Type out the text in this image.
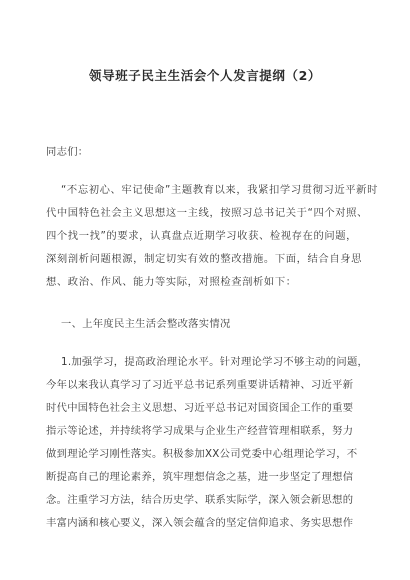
领导班子民主生活会个人发言提纲（2）
同志们：
“不忘初心、牢记使命”主题教育以来，我紧扣学习贯彻习近平新时
代中国特色社会主义思想这一主线，按照习总书记关于“四个对照、
四个找一找”的要求，认真盘点近期学习收获、检视存在的问题，
深刻剖析问题根源，制定切实有效的整改措施。下面，结合自身思
想、政治、作风、能力等实际，对照检查剖析如下：
一、上年度民主生活会整改落实情况
1.加强学习，提高政治理论水平。针对理论学习不够主动的问题，
今年以来我认真学习了习近平总书记系列重要讲话精神、习近平新
时代中国特色社会主义思想、习近平总书记对国资国企工作的重要
指示等论述，并持续将学习成果与企业生产经营管理相联系，努力
做到理论学习刚性落实。积极参加XX公司党委中心组理论学习，不
断提高自己的理论素养，筑牢理想信念之基，进一步坚定了理想信
念。注重学习方法，结合历史学、联系实际学，深入领会新思想的
丰富内涵和核心要义，深入领会蕴含的坚定信仰追求、务实思想作
